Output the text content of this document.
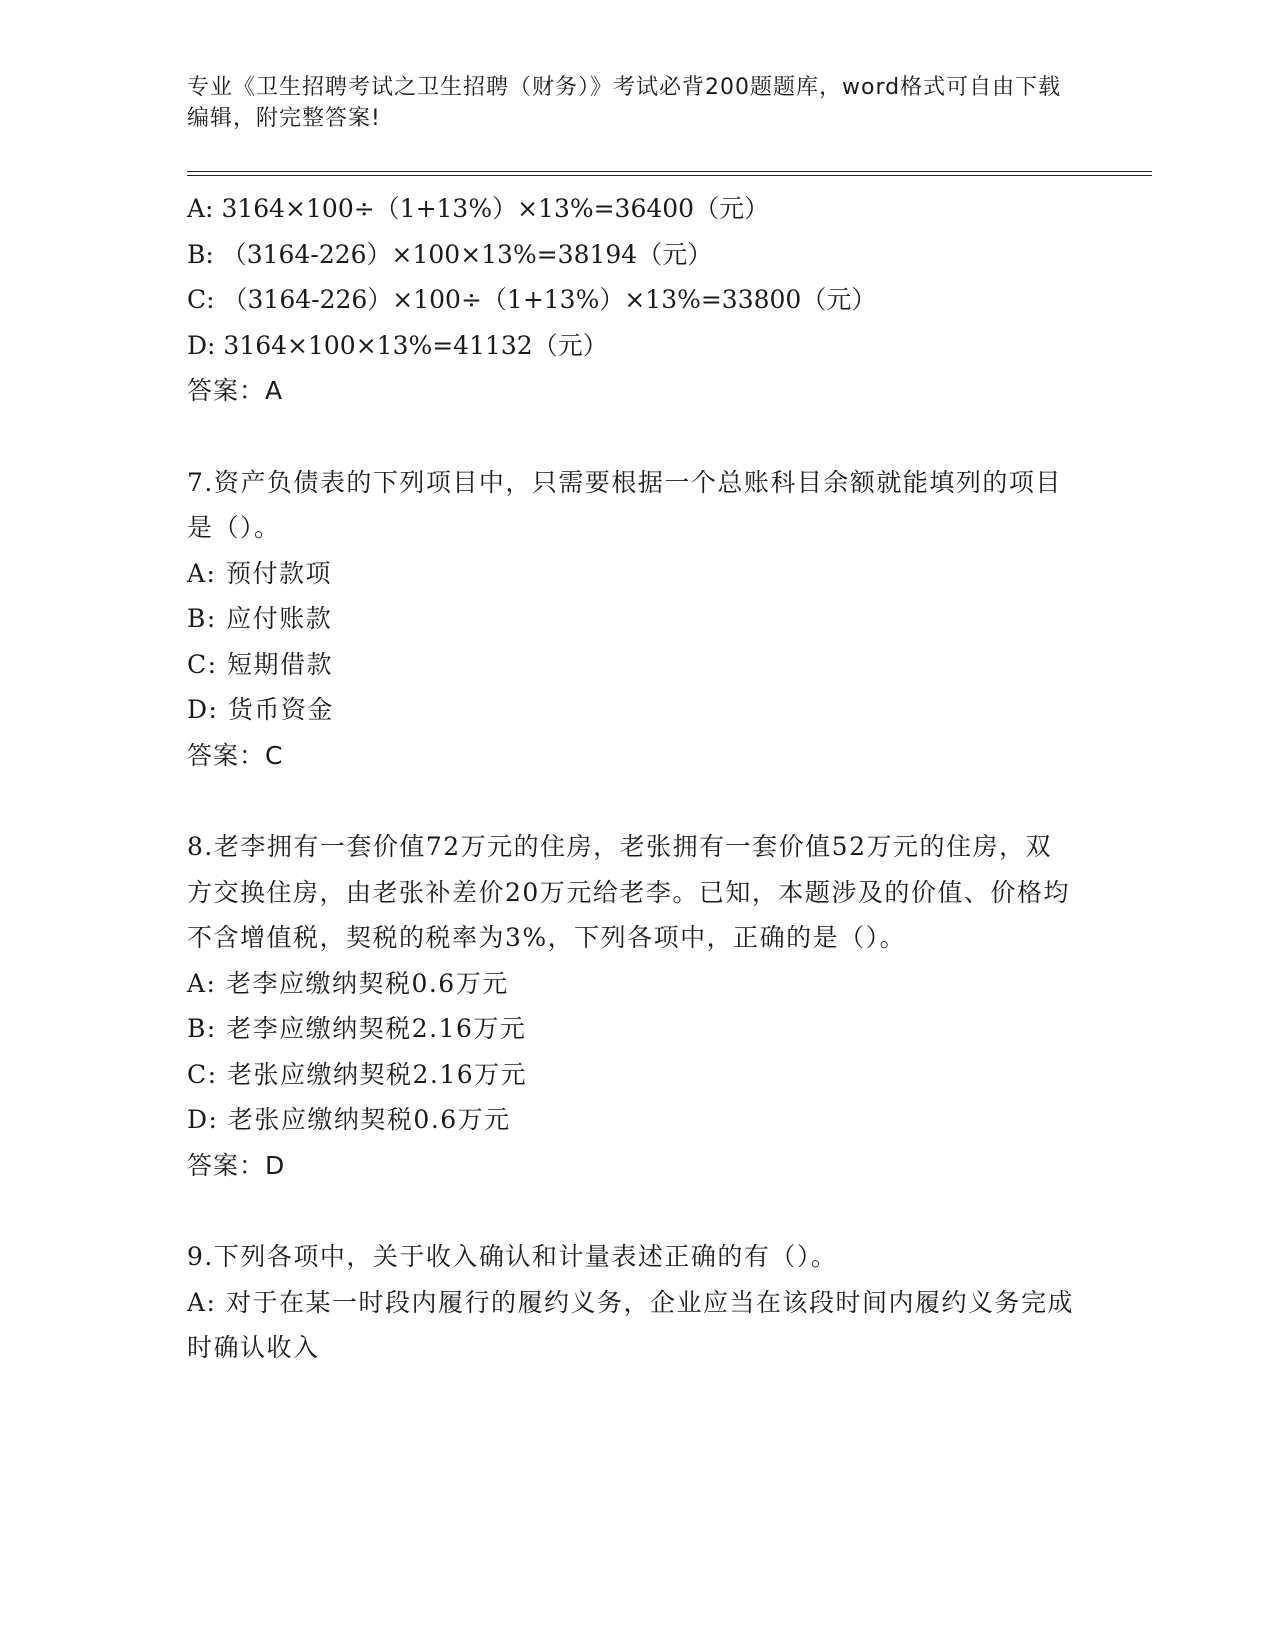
专业《卫生招聘考试之卫生招聘（财务）》考试必背200题题库，word格式可自由下载编辑，附完整答案!

A: 3164×100÷（1+13%）×13%=36400（元）

B: （3164-226）×100×13%=38194（元）

C: （3164-226）×100÷（1+13%）×13%=33800（元）

D: 3164×100×13%=41132（元）

答案：A

7.资产负债表的下列项目中，只需要根据一个总账科目余额就能填列的项目是（）。

A: 预付款项

B: 应付账款

C: 短期借款

D: 货币资金

答案：C

8.老李拥有一套价值72万元的住房，老张拥有一套价值52万元的住房，双方交换住房，由老张补差价20万元给老李。已知，本题涉及的价值、价格均不含增值税，契税的税率为3%，下列各项中，正确的是（）。

A: 老李应缴纳契税0.6万元

B: 老李应缴纳契税2.16万元

C: 老张应缴纳契税2.16万元

D: 老张应缴纳契税0.6万元

答案：D

9.下列各项中，关于收入确认和计量表述正确的有（）。

A: 对于在某一时段内履行的履约义务，企业应当在该段时间内履约义务完成时确认收入
